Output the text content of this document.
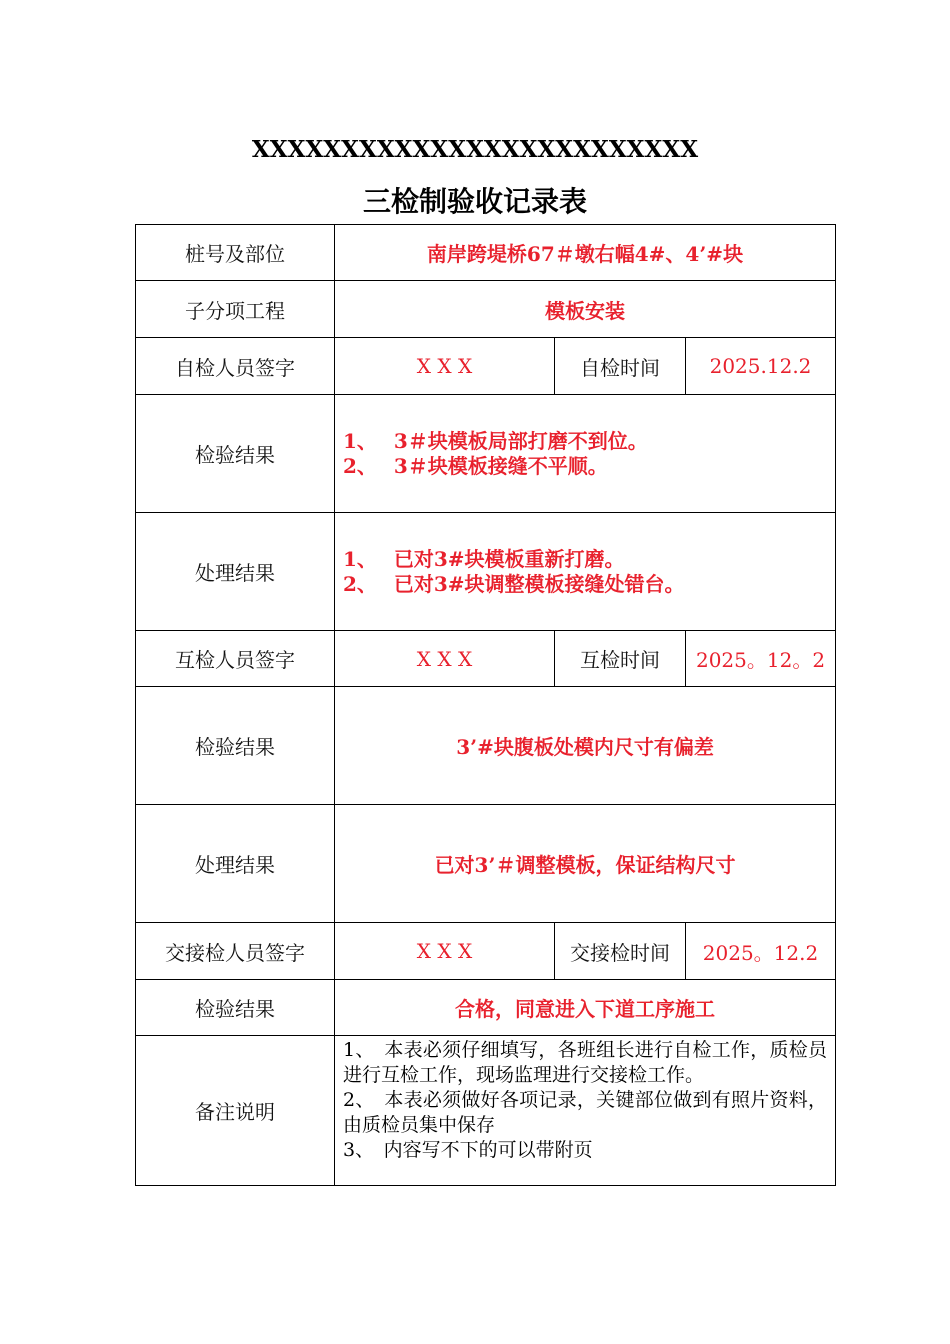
XXXXXXXXXXXXXXXXXXXXXXXXX
三检制验收记录表
桩号及部位	南岸跨堤桥67＃墩右幅4#、4’#块		
子分项工程	模板安装		
自检人员签字	X X X	自检时间	2025.12.2
检验结果	1、　 3＃块模板局部打磨不到位。
2、　 3＃块模板接缝不平顺。		

处理结果	1、　 已对3#块模板重新打磨。
2、　 已对3#块调整模板接缝处错台。		

互检人员签字	X X X	互检时间	2025。12。2
检验结果	3’#块腹板处模内尺寸有偏差		
处理结果	已对3’＃调整模板，保证结构尺寸		
交接检人员签字	X X X	交接检时间	2025。12.2
检验结果	合格，同意进入下道工序施工		
备注说明	1、　本表必须仔细填写，各班组长进行自检工作，质检员进行互检工作，现场监理进行交接检工作。
2、　本表必须做好各项记录，关键部位做到有照片资料，由质检员集中保存
3、　内容写不下的可以带附页		
